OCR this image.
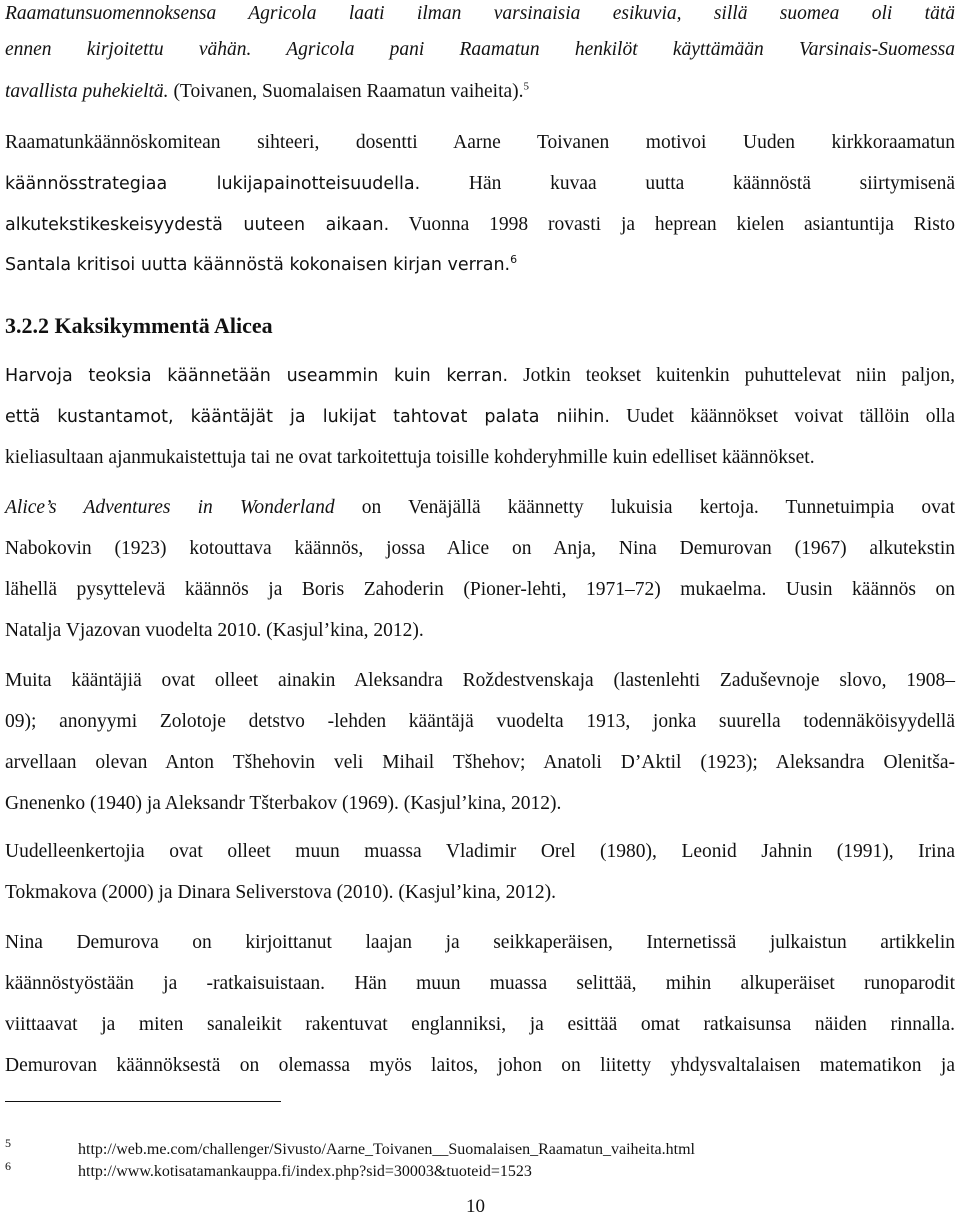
Raamatunsuomennoksensa Agricola laati ilman varsinaisia esikuvia, sillä suomea oli tätä
ennen kirjoitettu vähän. Agricola pani Raamatun henkilöt käyttämään Varsinais-Suomessa
tavallista puhekieltä. (Toivanen, Suomalaisen Raamatun vaiheita).$^5$
Raamatunkäännöskomitean sihteeri, dosentti Aarne Toivanen motivoi Uuden kirkkoraamatun
käännösstrategiaa lukijapainotteisuudella. Hän kuvaa uutta käännöstä siirtymisenä
alkutekstikeskeisyydestä uuteen aikaan. Vuonna 1998 rovasti ja heprean kielen asiantuntija Risto
Santala kritisoi uutta käännöstä kokonaisen kirjan verran.$^6$
3.2.2 Kaksikymmentä Alicea
Harvoja teoksia käännetään useammin kuin kerran. Jotkin teokset kuitenkin puhuttelevat niin paljon,
että kustantamot, kääntäjät ja lukijat tahtovat palata niihin. Uudet käännökset voivat tällöin olla
kieliasultaan ajanmukaistettuja tai ne ovat tarkoitettuja toisille kohderyhmille kuin edelliset käännökset.
Alice’s Adventures in Wonderland on Venäjällä käännetty lukuisia kertoja. Tunnetuimpia ovat
Nabokovin (1923) kotouttava käännös, jossa Alice on Anja, Nina Demurovan (1967) alkutekstin
lähellä pysyttelevä käännös ja Boris Zahoderin (Pioner-lehti, 1971–72) mukaelma. Uusin käännös on
Natalja Vjazovan vuodelta 2010. (Kasjul’kina, 2012).
Muita kääntäjiä ovat olleet ainakin Aleksandra Roždestvenskaja (lastenlehti Zaduševnoje slovo, 1908–
09); anonyymi Zolotoje detstvo -lehden kääntäjä vuodelta 1913, jonka suurella todennäköisyydellä
arvellaan olevan Anton Tšhehovin veli Mihail Tšhehov; Anatoli D’Aktil (1923); Aleksandra Olenitša-
Gnenenko (1940) ja Aleksandr Tšterbakov (1969). (Kasjul’kina, 2012).
Uudelleenkertojia ovat olleet muun muassa Vladimir Orel (1980), Leonid Jahnin (1991), Irina
Tokmakova (2000) ja Dinara Seliverstova (2010). (Kasjul’kina, 2012).
Nina Demurova on kirjoittanut laajan ja seikkaperäisen, Internetissä julkaistun artikkelin
käännöstyöstään ja -ratkaisuistaan. Hän muun muassa selittää, mihin alkuperäiset runoparodit
viittaavat ja miten sanaleikit rakentuvat englanniksi, ja esittää omat ratkaisunsa näiden rinnalla.
Demurovan käännöksestä on olemassa myös laitos, johon on liitetty yhdysvaltalaisen matematikon ja
5	http://web.me.com/challenger/Sivusto/Aarne_Toivanen__Suomalaisen_Raamatun_vaiheita.html
6	http://www.kotisatamankauppa.fi/index.php?sid=30003&tuoteid=1523
10
